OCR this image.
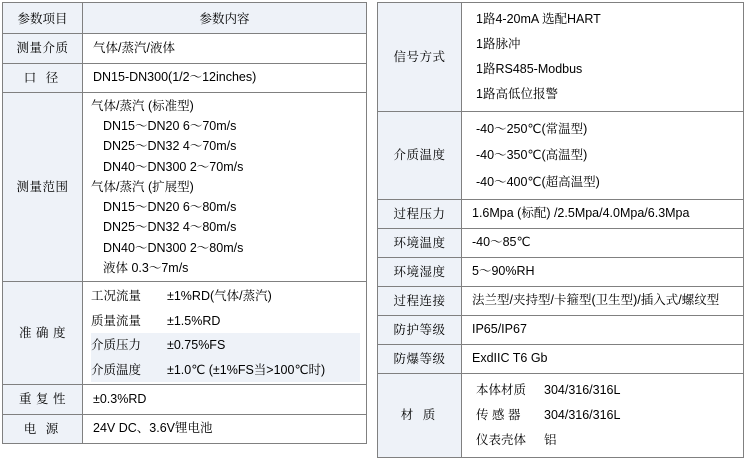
参数项目	参数内容
测量介质	气体/蒸汽/液体
口 径	DN15-DN300(1/2～12inches)
测量范围	
气体/蒸汽 (标准型)
DN15～DN20 6～70m/s
DN25～DN32 4～70m/s
DN40～DN300 2～70m/s
气体/蒸汽 (扩展型)
DN15～DN20 6～80m/s
DN25～DN32 4～80m/s
DN40～DN300 2～80m/s
液体 0.3～7m/s

准 确 度	工况流量 ±1%RD(气体/蒸汽)
质量流量 ±1.5%RD
介质压力 ±0.75%FS
介质温度 ±1.0℃ (±1%FS当>100℃时)

重 复 性	±0.3%RD
电 源	24V DC、3.6V锂电池
信号方式	1路4-20mA 选配HART
1路脉冲
1路RS485-Modbus
1路高低位报警

介质温度	-40～250℃(常温型)
-40～350℃(高温型)
-40～400℃(超高温型)

过程压力	1.6Mpa (标配) /2.5Mpa/4.0Mpa/6.3Mpa
环境温度	-40～85℃
环境湿度	5～90%RH
过程连接	法兰型/夹持型/卡箍型(卫生型)/插入式/螺纹型
防护等级	IP65/IP67
防爆等级	ExdIIC T6 Gb
材 质	本体材质 304/316/316L
传 感 器 304/316/316L
仪表壳体 铝
